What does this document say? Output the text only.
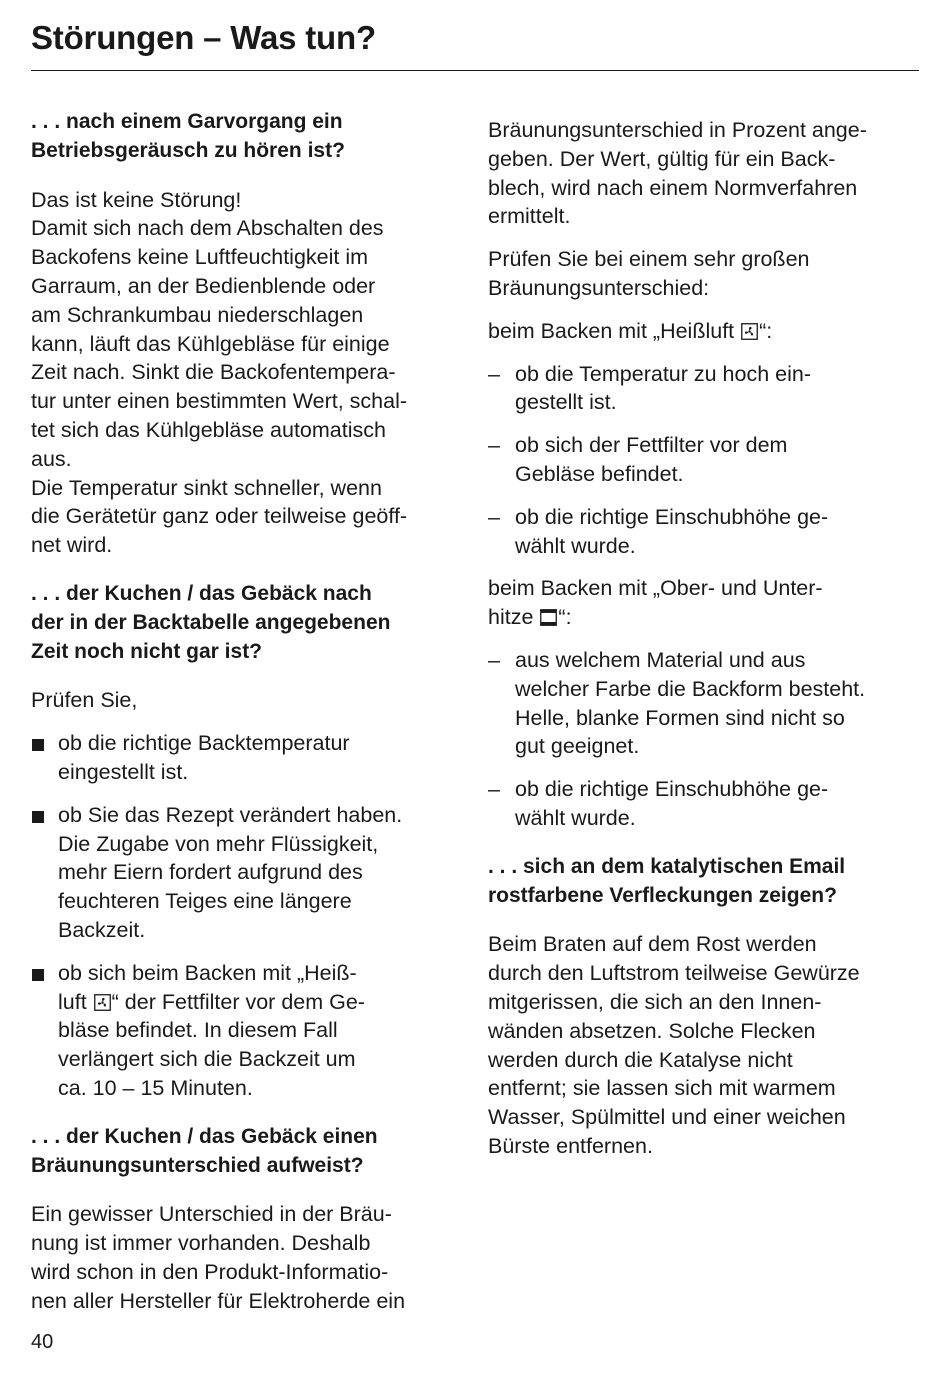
Störungen – Was tun?
. . . nach einem Garvorgang ein
Betriebsgeräusch zu hören ist?

Das ist keine Störung!
Damit sich nach dem Abschalten des
Backofens keine Luftfeuchtigkeit im
Garraum, an der Bedienblende oder
am Schrankumbau niederschlagen
kann, läuft das Kühlgebläse für einige
Zeit nach. Sinkt die Backofentempera-
tur unter einen bestimmten Wert, schal-
tet sich das Kühlgebläse automatisch
aus.
Die Temperatur sinkt schneller, wenn
die Gerätetür ganz oder teilweise geöff-
net wird.

. . . der Kuchen / das Gebäck nach
der in der Backtabelle angegebenen
Zeit noch nicht gar ist?

Prüfen Sie,

ob die richtige Backtemperatur
eingestellt ist.
ob Sie das Rezept verändert haben.
Die Zugabe von mehr Flüssigkeit,
mehr Eiern fordert aufgrund des
feuchteren Teiges eine längere
Backzeit.
ob sich beim Backen mit „Heiß-
luft “ der Fettfilter vor dem Ge-
bläse befindet. In diesem Fall
verlängert sich die Backzeit um
ca. 10 – 15 Minuten.
. . . der Kuchen / das Gebäck einen
Bräunungsunterschied aufweist?

Ein gewisser Unterschied in der Bräu-
nung ist immer vorhanden. Deshalb
wird schon in den Produkt-Informatio-
nen aller Hersteller für Elektroherde ein

Bräunungsunterschied in Prozent ange-
geben. Der Wert, gültig für ein Back-
blech, wird nach einem Normverfahren
ermittelt.

Prüfen Sie bei einem sehr großen
Bräunungsunterschied:

beim Backen mit „Heißluft “:

– ob die Temperatur zu hoch ein-
gestellt ist.
– ob sich der Fettfilter vor dem
Gebläse befindet.
– ob die richtige Einschubhöhe ge-
wählt wurde.

beim Backen mit „Ober- und Unter-
hitze “:

– aus welchem Material und aus
welcher Farbe die Backform besteht.
Helle, blanke Formen sind nicht so
gut geeignet.
– ob die richtige Einschubhöhe ge-
wählt wurde.
. . . sich an dem katalytischen Email
rostfarbene Verfleckungen zeigen?

Beim Braten auf dem Rost werden
durch den Luftstrom teilweise Gewürze
mitgerissen, die sich an den Innen-
wänden absetzen. Solche Flecken
werden durch die Katalyse nicht
entfernt; sie lassen sich mit warmem
Wasser, Spülmittel und einer weichen
Bürste entfernen.

40
